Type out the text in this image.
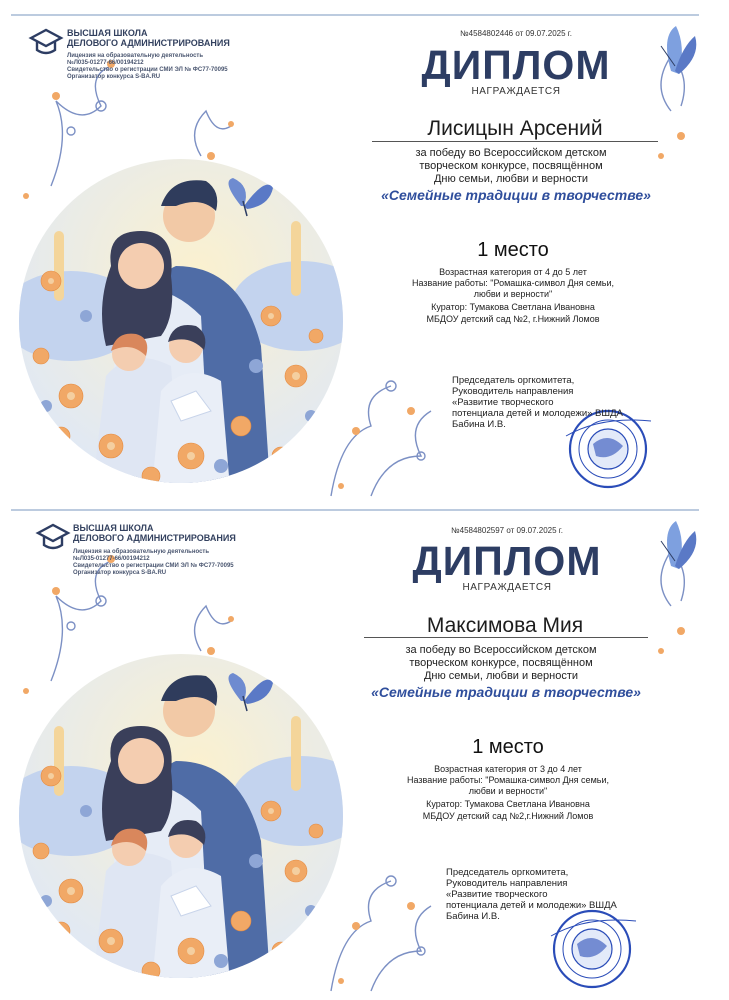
ВЫСШАЯ ШКОЛА
ДЕЛОВОГО АДМИНИСТРИРОВАНИЯ
Лицензия на образовательную деятельность
№Л035-01277-66/00194212
Свидетельство о регистрации СМИ ЭЛ № ФС77-70095
Организатор конкурса S-BA.RU
№4584802446 от 09.07.2025 г.
ДИПЛОМ
НАГРАЖДАЕТСЯ
Лисицын Арсений
за победу во Всероссийском детском
творческом конкурсе, посвящённом
Дню семьи, любви и верности
«Семейные традиции в творчестве»
1 место
Возрастная категория от 4 до 5 лет
Название работы: "Ромашка-символ Дня семьи,
любви и верности"
Куратор: Тумакова Светлана Ивановна
МБДОУ детский сад №2, г.Нижний Ломов
Председатель оргкомитета,
Руководитель направления
«Развитие творческого
потенциала детей и молодежи» ВШДА
Бабина И.В.
ВЫСШАЯ ШКОЛА
ДЕЛОВОГО АДМИНИСТРИРОВАНИЯ
Лицензия на образовательную деятельность
№Л035-01277-66/00194212
Свидетельство о регистрации СМИ ЭЛ № ФС77-70095
Организатор конкурса S-BA.RU
№4584802597 от 09.07.2025 г.
ДИПЛОМ
НАГРАЖДАЕТСЯ
Максимова Мия
за победу во Всероссийском детском
творческом конкурсе, посвящённом
Дню семьи, любви и верности
«Семейные традиции в творчестве»
1 место
Возрастная категория от 3 до 4 лет
Название работы: "Ромашка-символ Дня семьи,
любви и верности"
Куратор: Тумакова Светлана Ивановна
МБДОУ детский сад №2,г.Нижний Ломов
Председатель оргкомитета,
Руководитель направления
«Развитие творческого
потенциала детей и молодежи» ВШДА
Бабина И.В.
